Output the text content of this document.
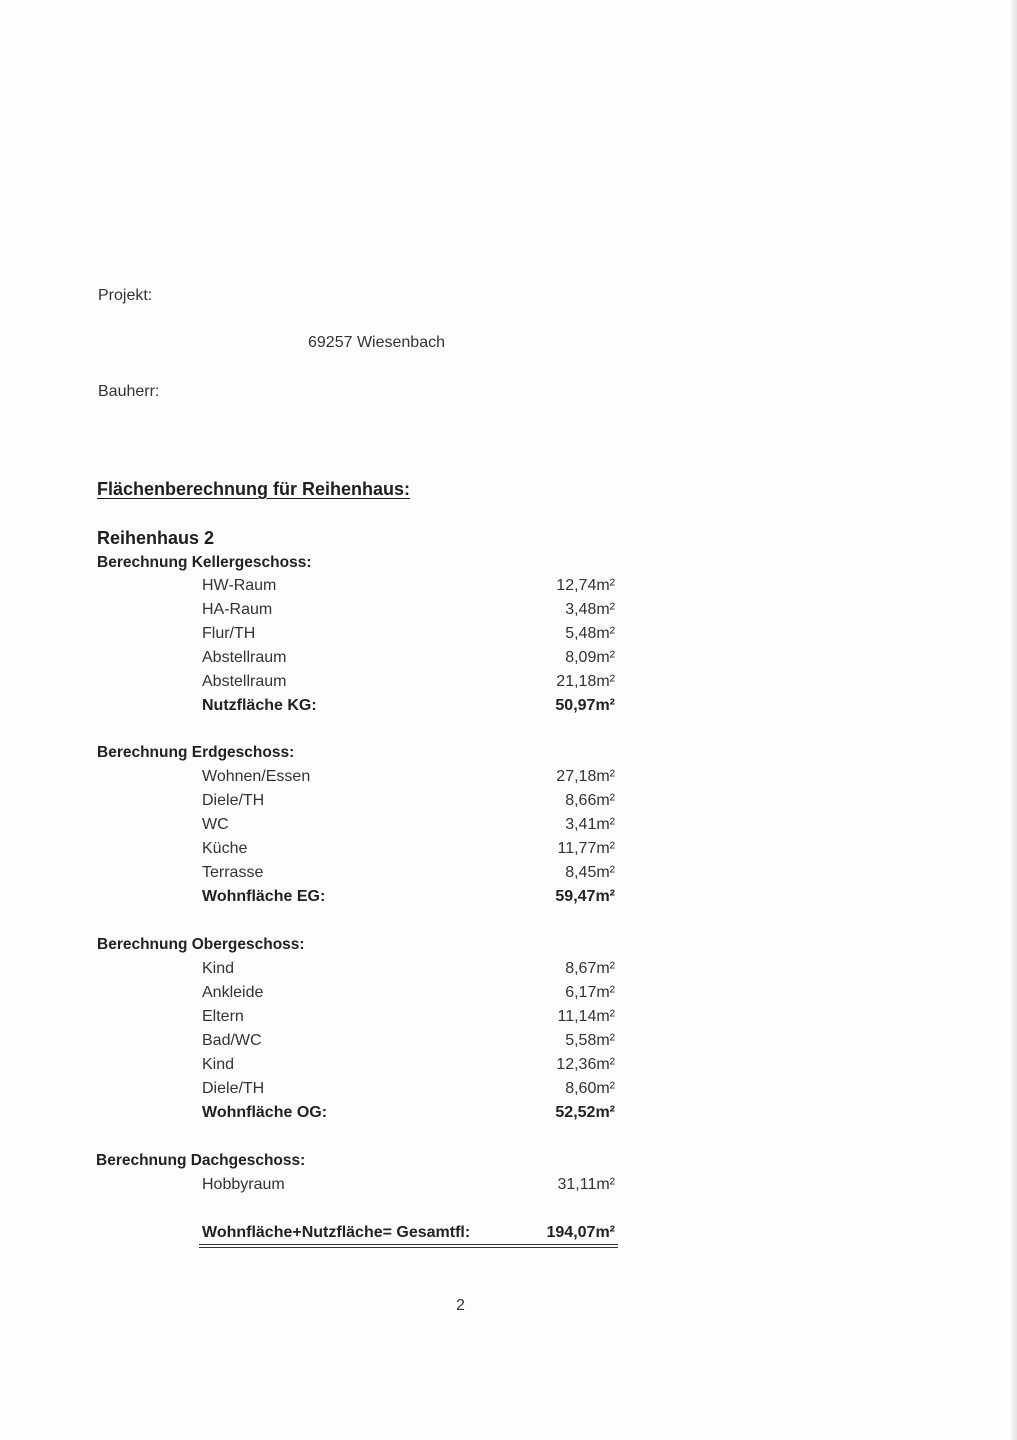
Projekt:
69257 Wiesenbach
Bauherr:
Flächenberechnung für Reihenhaus:
Reihenhaus 2
Berechnung Kellergeschoss:
HW-Raum	12,74m²
HA-Raum	3,48m²
Flur/TH	5,48m²
Abstellraum	8,09m²
Abstellraum	21,18m²
Nutzfläche KG:	50,97m²
Berechnung Erdgeschoss:
Wohnen/Essen	27,18m²
Diele/TH	8,66m²
WC	3,41m²
Küche	11,77m²
Terrasse	8,45m²
Wohnfläche EG:	59,47m²
Berechnung Obergeschoss:
Kind	8,67m²
Ankleide	6,17m²
Eltern	11,14m²
Bad/WC	5,58m²
Kind	12,36m²
Diele/TH	8,60m²
Wohnfläche OG:	52,52m²
Berechnung Dachgeschoss:
Hobbyraum	31,11m²
Wohnfläche+Nutzfläche= Gesamtfl:	194,07m²
2
